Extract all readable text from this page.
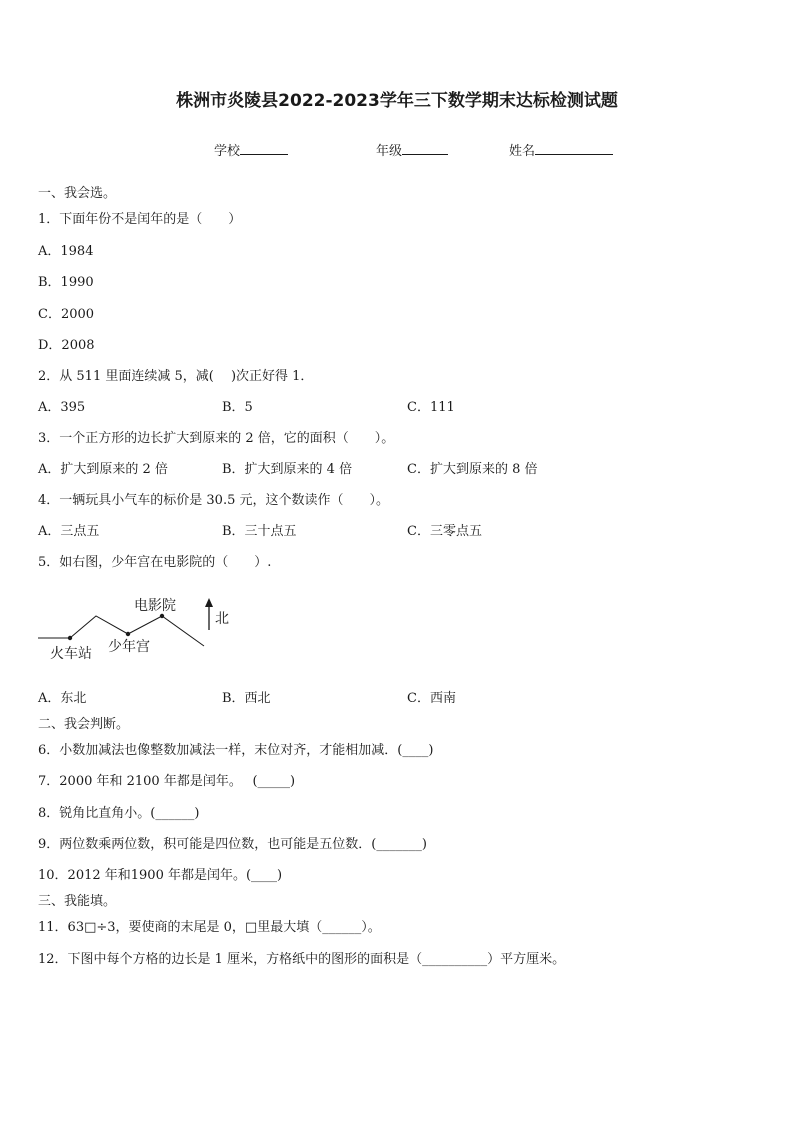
株洲市炎陵县2022-2023学年三下数学期末达标检测试题
学校	年级	姓名
一、我会选。
1．下面年份不是闰年的是（　　）
A．1984
B．1990
C．2000
D．2008
2．从 511 里面连续减 5，减(　 )次正好得 1．
A．395	B．5	C．111
3．一个正方形的边长扩大到原来的 2 倍，它的面积（　　）。
A．扩大到原来的 2 倍	B．扩大到原来的 4 倍	C．扩大到原来的 8 倍
4．一辆玩具小气车的标价是 30.5 元，这个数读作（　　）。
A．三点五	B．三十点五	C．三零点五
5．如右图，少年宫在电影院的（　　）.
火车站 少年宫
电影院
北
A．东北	B．西北	C．西南
二、我会判断。
6．小数加减法也像整数加减法一样，末位对齐，才能相加减．(____)
7．2000 年和 2100 年都是闰年。　 (_____)
8．锐角比直角小。(______)
9．两位数乘两位数，积可能是四位数，也可能是五位数．(_______)
10．2012 年和1900 年都是闰年。(____)
三、我能填。
11．63□÷3，要使商的末尾是 0，□里最大填（______）。
12．下图中每个方格的边长是 1 厘米，方格纸中的图形的面积是（__________）平方厘米。
